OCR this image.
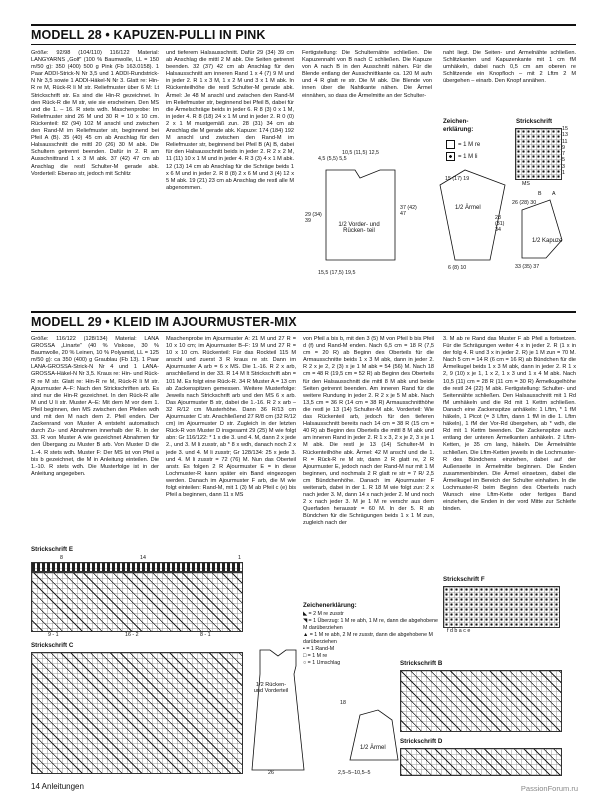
MODELL 28 • KAPUZEN-PULLI IN PINK
Größe: 92/98 (104/110) 116/122 Material: LANGYARNS „Golf“ (100 % Baumwolle, LL = 150 m/50 g): 350 (400) 500 g Pink (Fb 163.0158). 1 Paar ADDI-Strick-N Nr 3,5 und 1 ADDI-Rundstrick-N Nr 3,5 sowie 1 ADDI-Häkel-N Nr 3. Glatt re: Hin-R re M, Rück-R li M str. Reliefmuster über 6 M: Lt Strickschrift str. Es sind die Hin-R gezeichnet. In den Rück-R die M str, wie sie erscheinen. Den MS und die 1. – 16. R stets wdh. Maschenprobe: Im Reliefmuster sind 26 M und 30 R = 10 x 10 cm. Rückenteil: 82 (94) 102 M anschl und zwischen den Rand-M im Reliefmuster str, beginnend bei Pfeil A (B). 35 (40) 45 cm ab Anschlag für den Halsausschnitt die mittl 20 (26) 30 M abk. Die Schultern getrennt beenden. Dafür in 2. R am Ausschnittrand 1 x 3 M abk. 37 (42) 47 cm ab Anschlag die restl Schulter-M gerade abk. Vorderteil: Ebenso str, jedoch mit Schlitz
und tieferem Halsausschnitt. Dafür 29 (34) 39 cm ab Anschlag die mittl 2 M abk. Die Seiten getrennt beenden. 32 (37) 42 cm ab Anschlag für den Halsausschnitt am inneren Rand 1 x 4 (7) 9 M und in jeder 2. R 1 x 3 M, 1 x 2 M und 3 x 1 M abk. In Rückenteilhöhe die restl Schulter-M gerade abk. Ärmel: Je 48 M anschl und zwischen den Rand-M im Reliefmuster str, beginnend bei Pfeil B, dabei für die Ärmelschräge beids in jeder 6. R 8 (3) 0 x 1 M, in jeder 4. R 8 (18) 24 x 1 M und in jeder 2. R 0 (0) 2 x 1 M mustgemäß zun. 28 (31) 34 cm ab Anschlag die M gerade abk. Kapuze: 174 (184) 192 M anschl und zwischen den Rand-M im Reliefmuster str, beginnend bei Pfeil B (A) B, dabei für den Halsausschnitt beids in jeder 2. R 2 x 2 M, 11 (11) 10 x 1 M und in jeder 4. R 3 (3) 4 x 1 M abk. 12 (13) 14 cm ab Anschlag für die Schräge beids 1 x 6 M und in jeder 2. R 8 (8) 2 x 6 M und 3 (4) 12 x 5 M abk. 19 (21) 23 cm ab Anschlag die restl alle M abgenommen.
Fertigstellung: Die Schulternähte schließen. Die Kapuzennaht von B nach C schließen. Die Kapuze von A nach B in den Ausschnitt nähen. Für die Blende entlang der Ausschnittkante ca. 120 M aufn und 4 R glatt re str. Die M abk. Die Blende von innen über die Nahtkante nähen. Die Ärmel einnähen, so dass die Ärmelmitte an der Schulter-
naht liegt. Die Seiten- und Ärmelnähte schließen. Schlitzkanten und Kapuzenkante mit 1 cm fM umhäkeln, dabei nach 0,5 cm am oberen re Schlitzende ein Knopfloch – mit 2 Lftm 2 M übergehen – einarb. Den Knopf annähen.
Zeichen-erklärung:
= 1 M re
= 1 M li
Strickschrift
15
13
11
9
7
5
3
1
MS
B A
1/2 Vorder- und Rücken- teil
4,5 (5,5) 5,5
10,5 (11,5) 12,5
29 (34) 39
37 (42) 47
15,5 (17,5) 19,5
1/2 Ärmel
15 (17) 19
28 (31) 34
6 (8) 10
26 (28) 30
1/2 Kapuze
33 (35) 37
MODELL 29 • KLEID IM AJOURMUSTER-MIX
Größe: 116/122 (128/134) Material: LANA GROSSA „Linarte“ (40 % Viskose, 30 % Baumwolle, 20 % Leinen, 10 % Polyamid, LL = 125 m/50 g): ca 350 (400) g Graublau (Fb 13). 1 Paar LANA-GROSSA-Strick-N Nr 4 und 1 LANA-GROSSA-Häkel-N Nr 3,5. Kraus re: Hin- und Rück-R re M str. Glatt re: Hin-R re M, Rück-R li M str. Ajourmuster A–F: Nach den Strickschriften arb. Es sind nur die Hin-R gezeichnet. In den Rück-R alle M und U li str. Muster A–E: Mit dem M vor dem 1. Pfeil beginnen, den MS zwischen den Pfeilen wdh und mit den M nach dem 2. Pfeil enden. Der Zackenrand von Muster A entsteht automatisch durch Zu- und Abnahmen innerhalb der R. In der 33. R von Muster A wie gezeichnet Abnahmen für den Übergang zu Muster B arb. Von Muster D die 1.-4. R stets wdh. Muster F: Der MS ist von Pfeil a bis b gezeichnet, die M in Anleitung einteilen. Die 1.-10. R stets wdh. Die Musterfolge ist in der Anleitung angegeben.
Maschenprobe im Ajourmuster A: 21 M und 27 R = 10 x 10 cm; im Ajourmuster B–F: 19 M und 27 R = 10 x 10 cm. Rückenteil: Für das Rockteil 115 M anschl und zuerst 3 R kraus re str. Dann im Ajourmuster A arb = 6 x MS. Die 1.-16. R 2 x arb, anschließend in der 33. R 14 M lt Strickschrift abn = 101 M. Es folgt eine Rück-R. 34 R Muster A = 13 cm ab Zackenspitzen gemessen. Weitere Musterfolge: Jeweils nach Strickschrift arb und den MS 6 x arb. Das Ajourmuster B str, dabei die 1.-16. R 2 x arb – 32 R/12 cm Musterhöhe. Dann 36 R/13 cm Ajourmuster C str. Anschließend 27 R/8 cm (32 R/12 cm) im Ajourmuster D str. Zugleich in der letzten Rück-R von Muster D insgesamt 29 (25) M wie folgt abn: Gr 116/122: * 1 x die 3. und 4. M, dann 2 x jede 2., und 3. M li zusstr, ab * 8 x wdh, danach noch 2 x jede 3. und 4. M li zusstr; Gr 128/134: 25 x jede 3. und 4. M li zusstr = 72 (76) M. Nun das Oberteil anstr. Es folgen 2 R Ajourmuster E = in diese Lochmuster-R kann später ein Band eingezogen werden. Danach im Ajourmuster F arb, die M wie folgt einteilen: Rand-M, mit 1 (3) M ab Pfeil c (e) bis Pfeil a beginnen, dann 11 x MS
von Pfeil a bis b, mit den 3 (5) M von Pfeil b bis Pfeil d (f) und Rand-M enden. Nach 6,5 cm = 18 R (7,5 cm = 20 R) ab Beginn des Oberteils für die Armausschnitte beids 1 x 3 M abk, dann in jeder 2. R 2 x je 2, 2 (3) x je 1 M abk = 54 (56) M. Nach 18 cm = 48 R (19,5 cm = 52 R) ab Beginn des Oberteils für den Halsausschnitt die mittl 8 M abk und beide Seiten getrennt beenden. Am inneren Rand für die weitere Rundung in jeder 2. R 2 x je 5 M abk. Nach 13,5 cm = 36 R (14 cm = 38 R) Armausschnitthöhe die restl je 13 (14) Schulter-M abk. Vorderteil: Wie das Rückenteil arb, jedoch für den tieferen Halsausschnitt bereits nach 14 cm = 38 R (15 cm = 40 R) ab Beginn des Oberteils die mittl 8 M abk und am inneren Rand in jeder 2. R 1 x 3, 2 x je 2, 3 x je 1 M abk. Die restl je 13 (14) Schulter-M in Rückenteilhöhe abk. Ärmel: 42 M anschl und die 1. R = Rück-R re M str, dann 2 R glatt re, 2 R Ajourmuster E, jedoch nach der Rand-M nur mit 1 M beginnen, und nochmals 2 R glatt re str = 7 R/ 2,5 cm Bündchenhöhe. Danach im Ajourmuster F weiterarb, dabei in der 1. R 18 M wie folgt zun: 2 x nach jeder 3. M, dann 14 x nach jeder 2. M und noch 2 x nach jeder 3. M je 1 M re verschr aus dem Querfaden herausstr = 60 M. In der 5. R ab Bündchen für die Schrägungen beids 1 x 1 M zun, zugleich nach der
3. M ab re Rand das Muster F ab Pfeil a fortsetzen. Für die Schrägungen weiter 4 x in jeder 2. R (1 x in der folg 4. R und 3 x in jeder 2. R) je 1 M zun = 70 M. Nach 5 cm = 14 R (6 cm = 16 R) ab Bündchen für die Ärmelkugel beids 1 x 3 M abk, dann in jeder 2. R 1 x 2, 9 (10) x je 1, 1 x 2, 1 x 3 und 1 x 4 M abk. Nach 10,5 (11) cm = 28 R (11 cm = 30 R) Ärmelkugelhöhe die restl 24 (22) M abk. Fertigstellung: Schulter- und Seitennähte schließen. Den Halsausschnitt mit 1 Rd fM umhäkeln und die Rd mit 1 Kettm schließen. Danach eine Zackenspitze anhäkeln: 1 Lftm, * 1 fM häkeln, 1 Picot (= 3 Lftm, dann 1 fM in die 1. Lftm häkeln), 1 fM der Vor-Rd übergehen, ab * wdh, die Rd mit 1 Kettm beenden. Die Zackenspitze auch entlang der unteren Ärmelkanten anhäkeln. 2 Lftm-Ketten, je 35 cm lang, häkeln. Die Ärmelnähte schließen. Die Lftm-Ketten jeweils in die Lochmuster-R des Bündchens einziehen, dabei auf der Außenseite in Ärmelmitte beginnen. Die Enden zusammenbinden. Die Ärmel einsetzen, dabei die Ärmelkugel im Bereich der Schulter einhalten. In die Lochmuster-R beim Beginn des Oberteils nach Wunsch eine Lftm-Kette oder fertiges Band einziehen, die Enden in der vord Mitte zur Schleife binden.
Strickschrift E
8	14	1
9 - 1	16 - 2	8 - 1
Strickschrift C
1/2 Rücken- und Vorderteil
26
18
1/2 Ärmel
2,5–5–10,5–5
Zeichenerklärung:
◣ = 2 M re zusstr
◥ = 1 Überzug: 1 M re abh, 1 M re, dann die abgehobene M darüberziehen
▲ = 1 M re abh, 2 M re zusstr, dann die abgehobene M darüberziehen
▪ = 1 Rand-M
□ = 1 M re
○ = 1 Umschlag	Strickschrift B
Strickschrift F
f d b a c e
Strickschrift D
14 Anleitungen	PassionForum.ru
